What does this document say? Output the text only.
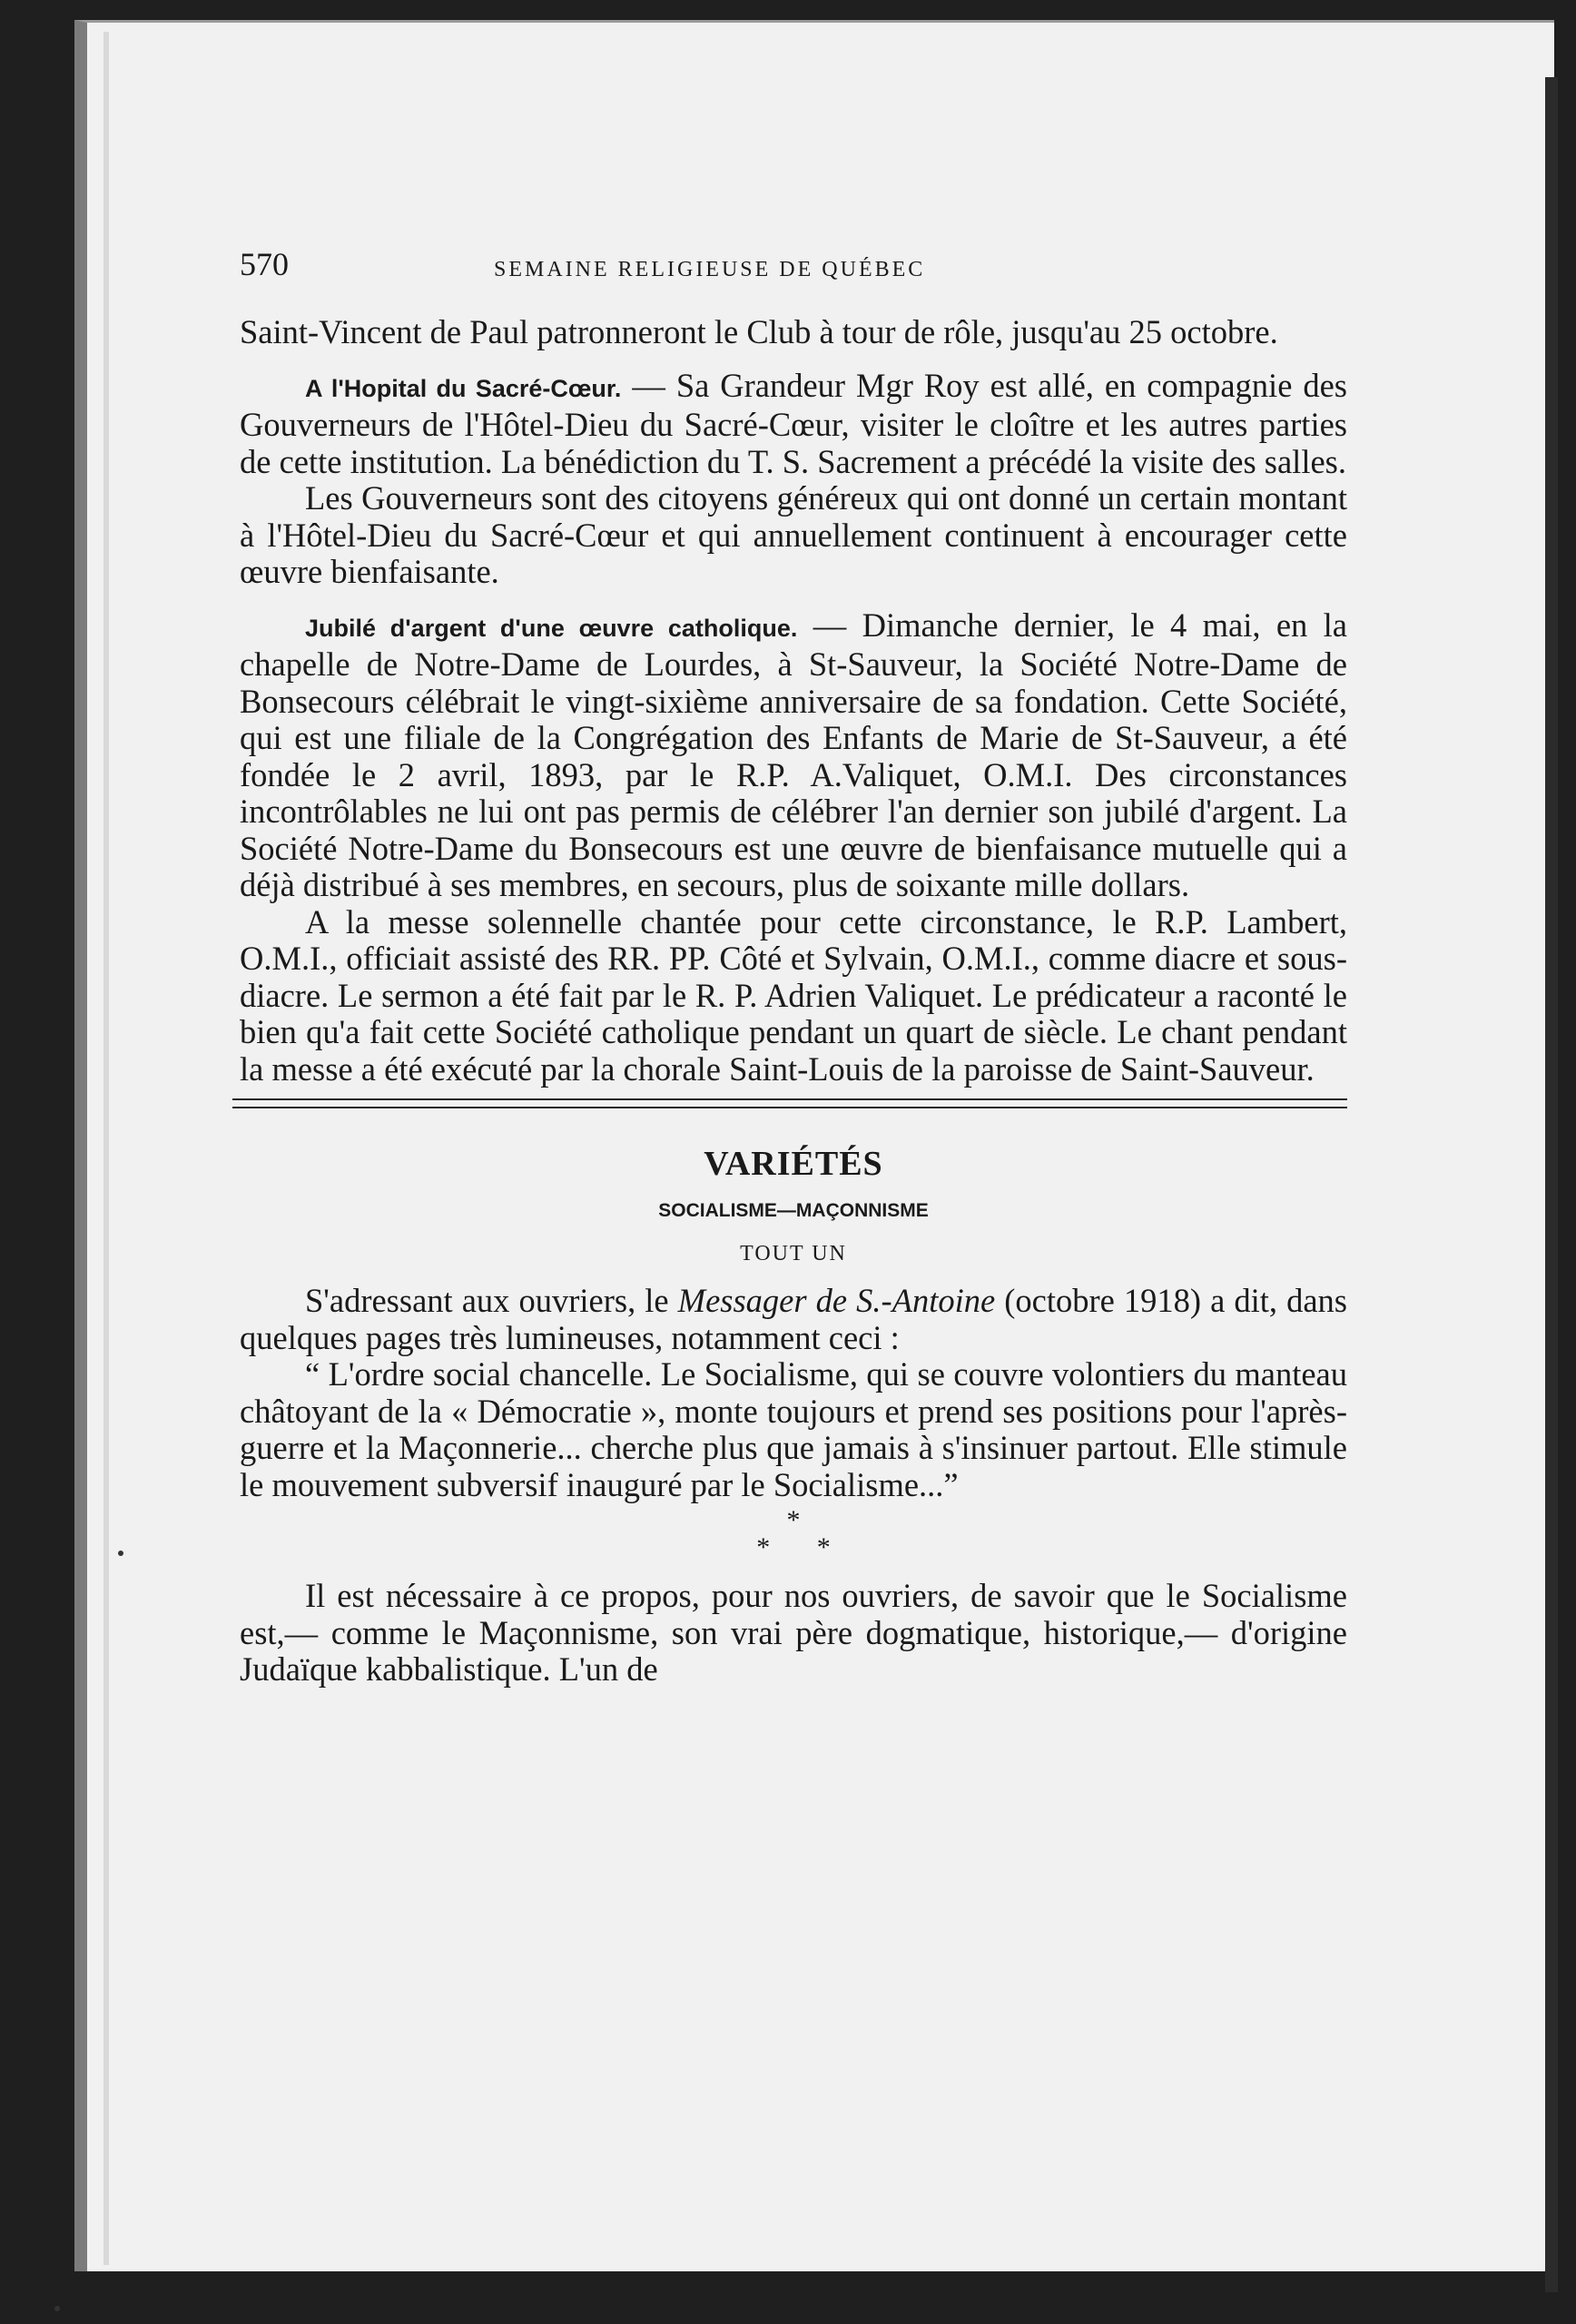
570	SEMAINE RELIGIEUSE DE QUÉBEC

Saint-Vincent de Paul patronneront le Club à tour de rôle, jusqu'au 25 octobre.

A l'Hopital du Sacré-Cœur. — Sa Grandeur Mgr Roy est allé, en compagnie des Gouverneurs de l'Hôtel-Dieu du Sacré-Cœur, visiter le cloître et les autres parties de cette institution. La bénédiction du T. S. Sacrement a précédé la visite des salles.

Les Gouverneurs sont des citoyens généreux qui ont donné un certain montant à l'Hôtel-Dieu du Sacré-Cœur et qui annuellement continuent à encourager cette œuvre bienfaisante.

Jubilé d'argent d'une œuvre catholique. — Dimanche dernier, le 4 mai, en la chapelle de Notre-Dame de Lourdes, à St-Sauveur, la Société Notre-Dame de Bonsecours célébrait le vingt-sixième anniversaire de sa fondation. Cette Société, qui est une filiale de la Congrégation des Enfants de Marie de St-Sauveur, a été fondée le 2 avril, 1893, par le R.P. A.Valiquet, O.M.I. Des circonstances incontrôlables ne lui ont pas permis de célébrer l'an dernier son jubilé d'argent. La Société Notre-Dame du Bonsecours est une œuvre de bienfaisance mutuelle qui a déjà distribué à ses membres, en secours, plus de soixante mille dollars.

A la messe solennelle chantée pour cette circonstance, le R.P. Lambert, O.M.I., officiait assisté des RR. PP. Côté et Sylvain, O.M.I., comme diacre et sous-diacre. Le sermon a été fait par le R. P. Adrien Valiquet. Le prédicateur a raconté le bien qu'a fait cette Société catholique pendant un quart de siècle. Le chant pendant la messe a été exécuté par la chorale Saint-Louis de la paroisse de Saint-Sauveur.

VARIÉTÉS
SOCIALISME—MAÇONNISME
TOUT UN

S'adressant aux ouvriers, le Messager de S.-Antoine (octobre 1918) a dit, dans quelques pages très lumineuses, notamment ceci :

“ L'ordre social chancelle. Le Socialisme, qui se couvre volontiers du manteau châtoyant de la « Démocratie », monte toujours et prend ses positions pour l'après-guerre et la Maçonnerie... cherche plus que jamais à s'insinuer partout. Elle stimule le mouvement subversif inauguré par le Socialisme...”

*
* *

Il est nécessaire à ce propos, pour nos ouvriers, de savoir que le Socialisme est,— comme le Maçonnisme, son vrai père dogmatique, historique,— d'origine Judaïque kabbalistique. L'un de
